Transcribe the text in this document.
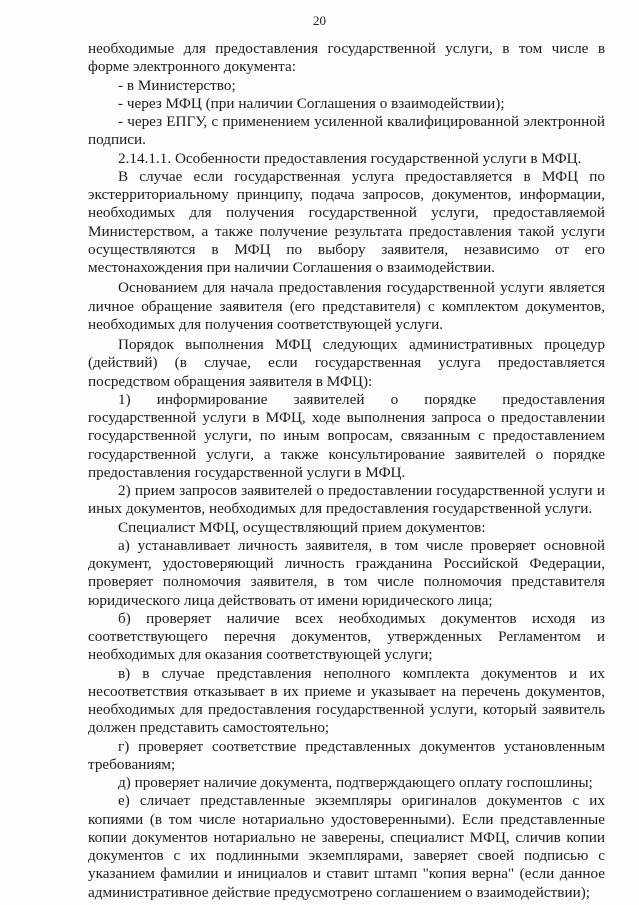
20

необходимые для предоставления государственной услуги, в том числе в форме электронного документа:

- в Министерство;

- через МФЦ (при наличии Соглашения о взаимодействии);

- через ЕПГУ, с применением усиленной квалифицированной электронной подписи.

2.14.1.1. Особенности предоставления государственной услуги в МФЦ.

В случае если государственная услуга предоставляется в МФЦ по экстерриториальному принципу, подача запросов, документов, информации, необходимых для получения государственной услуги, предоставляемой Министерством, а также получение результата предоставления такой услуги осуществляются в МФЦ по выбору заявителя, независимо от его местонахождения при наличии Соглашения о взаимодействии.

Основанием для начала предоставления государственной услуги является личное обращение заявителя (его представителя) с комплектом документов, необходимых для получения соответствующей услуги.

Порядок выполнения МФЦ следующих административных процедур (действий) (в случае, если государственная услуга предоставляется посредством обращения заявителя в МФЦ):

1) информирование заявителей о порядке предоставления государственной услуги в МФЦ, ходе выполнения запроса о предоставлении государственной услуги, по иным вопросам, связанным с предоставлением государственной услуги, а также консультирование заявителей о порядке предоставления государственной услуги в МФЦ.

2) прием запросов заявителей о предоставлении государственной услуги и иных документов, необходимых для предоставления государственной услуги.

Специалист МФЦ, осуществляющий прием документов:

а) устанавливает личность заявителя, в том числе проверяет основной документ, удостоверяющий личность гражданина Российской Федерации, проверяет полномочия заявителя, в том числе полномочия представителя юридического лица действовать от имени юридического лица;

б) проверяет наличие всех необходимых документов исходя из соответствующего перечня документов, утвержденных Регламентом и необходимых для оказания соответствующей услуги;

в) в случае представления неполного комплекта документов и их несоответствия отказывает в их приеме и указывает на перечень документов, необходимых для предоставления государственной услуги, который заявитель должен представить самостоятельно;

г) проверяет соответствие представленных документов установленным требованиям;

д) проверяет наличие документа, подтверждающего оплату госпошлины;

е) сличает представленные экземпляры оригиналов документов с их копиями (в том числе нотариально удостоверенными). Если представленные копии документов нотариально не заверены, специалист МФЦ, сличив копии документов с их подлинными экземплярами, заверяет своей подписью с указанием фамилии и инициалов и ставит штамп "копия верна" (если данное административное действие предусмотрено соглашением о взаимодействии);
